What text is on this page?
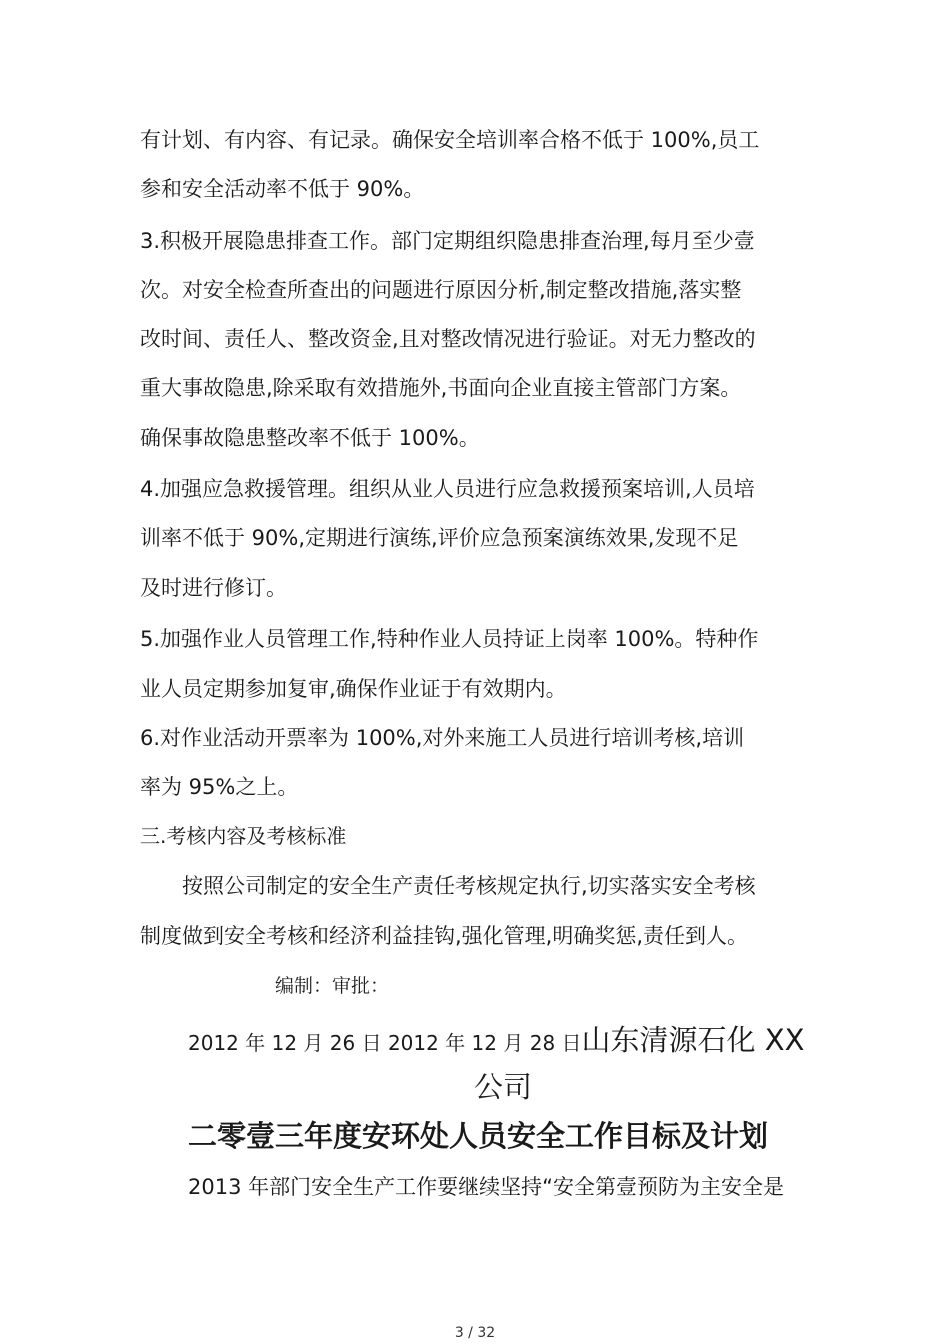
有计划、有内容、有记录。确保安全培训率合格不低于 100%,员工
参和安全活动率不低于 90%。
3.积极开展隐患排查工作。部门定期组织隐患排查治理,每月至少壹
次。对安全检查所查出的问题进行原因分析,制定整改措施,落实整
改时间、责任人、整改资金,且对整改情况进行验证。对无力整改的
重大事故隐患,除采取有效措施外,书面向企业直接主管部门方案。
确保事故隐患整改率不低于 100%。
4.加强应急救援管理。组织从业人员进行应急救援预案培训,人员培
训率不低于 90%,定期进行演练,评价应急预案演练效果,发现不足
及时进行修订。
5.加强作业人员管理工作,特种作业人员持证上岗率 100%。特种作
业人员定期参加复审,确保作业证于有效期内。
6.对作业活动开票率为 100%,对外来施工人员进行培训考核,培训
率为 95%之上。
三.考核内容及考核标准
按照公司制定的安全生产责任考核规定执行,切实落实安全考核
制度做到安全考核和经济利益挂钩,强化管理,明确奖惩,责任到人。
编制：审批：
2012 年 12 月 26 日 2012 年 12 月 28 日山东清源石化 XX
公司
二零壹三年度安环处人员安全工作目标及计划
2013 年部门安全生产工作要继续坚持“安全第壹预防为主安全是
3 / 32
